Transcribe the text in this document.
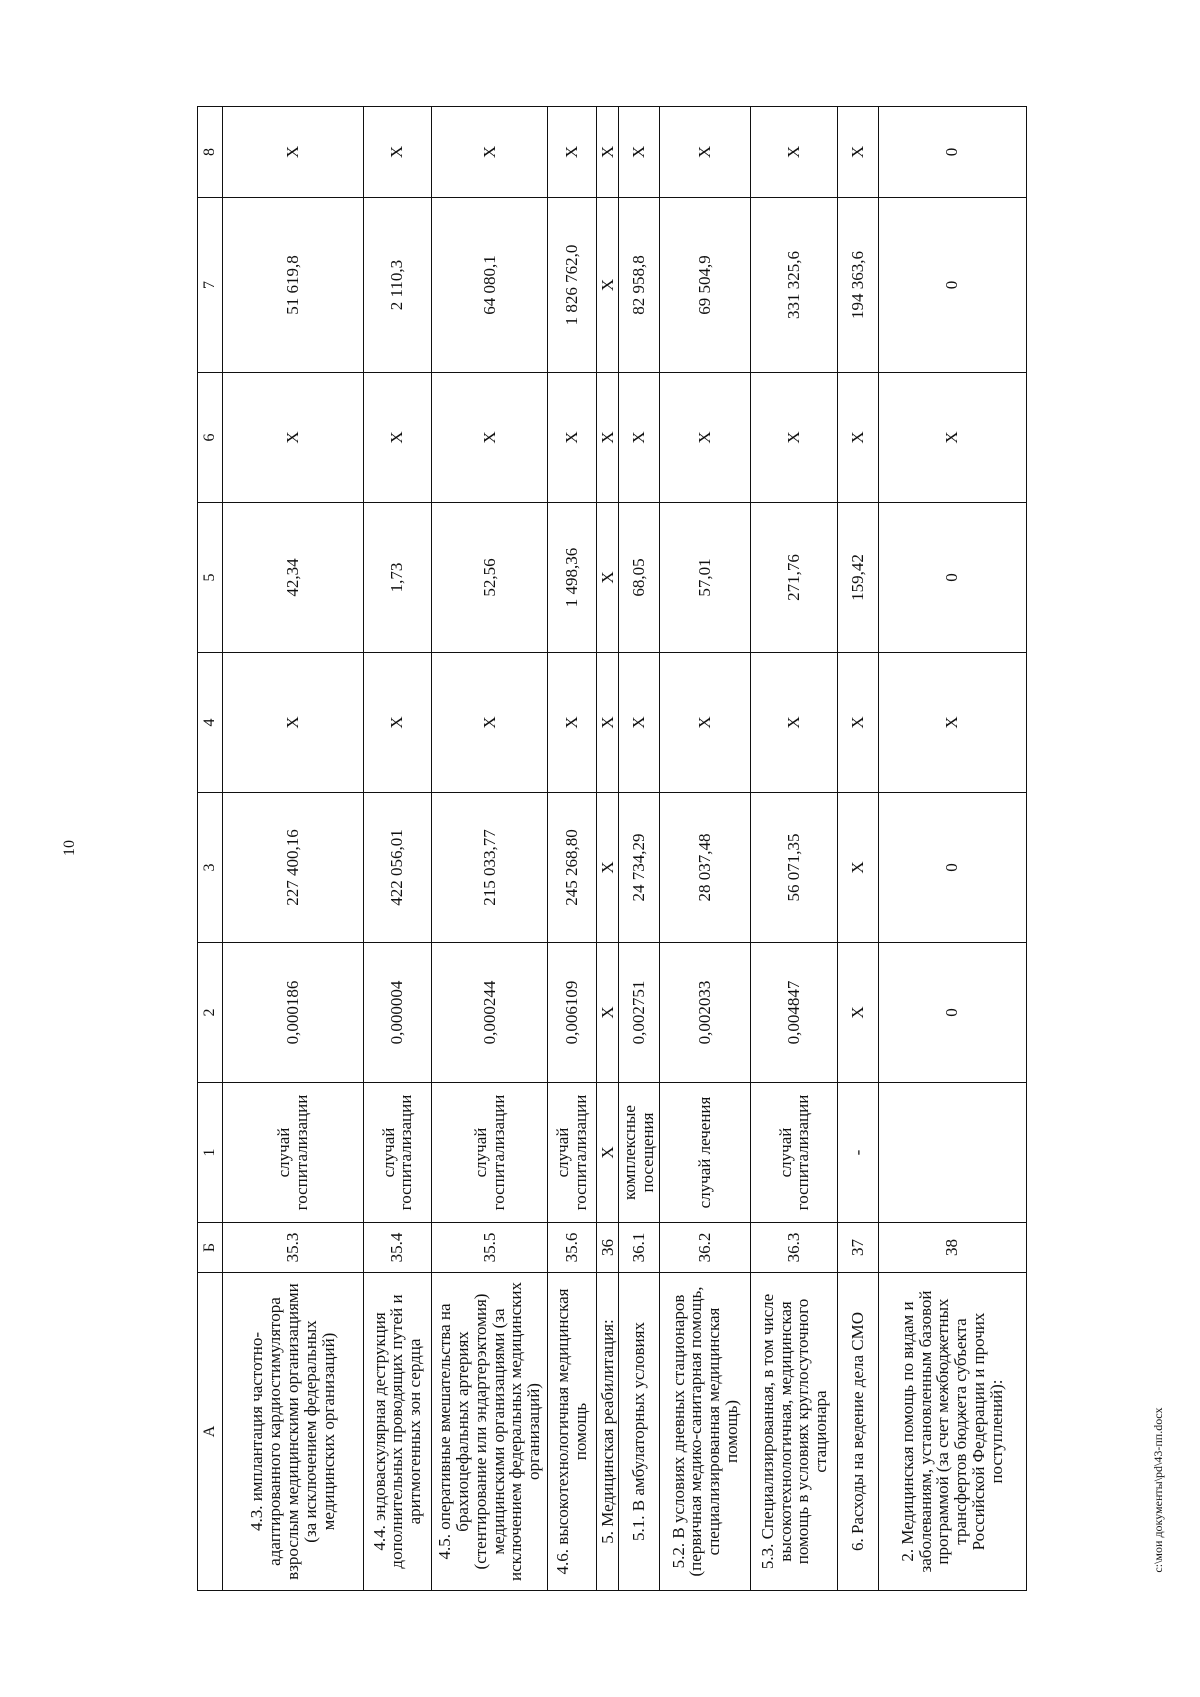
10
А	Б	1	2	3	4	5	6	7	8
4.3. имплантация частотно-адаптированного кардиостимулятора взрослым медицинскими организациями (за исключением федеральных медицинских организаций)	35.3	случай госпитализации	0,000186	227 400,16	Х	42,34	Х	51 619,8	Х
4.4. эндоваскулярная деструкция дополнительных проводящих путей и аритмогенных зон сердца	35.4	случай госпитализации	0,000004	422 056,01	Х	1,73	Х	2 110,3	Х
4.5. оперативные вмешательства на брахиоцефальных артериях (стентирование или эндартерэктомия) медицинскими организациями (за исключением федеральных медицинских организаций)	35.5	случай госпитализации	0,000244	215 033,77	Х	52,56	Х	64 080,1	Х
4.6. высокотехнологичная медицинская помощь	35.6	случай госпитализации	0,006109	245 268,80	Х	1 498,36	Х	1 826 762,0	Х
5. Медицинская реабилитация:	36	Х	Х	Х	Х	Х	Х	Х	Х
5.1. В амбулаторных условиях	36.1	комплексные посещения	0,002751	24 734,29	Х	68,05	Х	82 958,8	Х
5.2. В условиях дневных стационаров (первичная медико-санитарная помощь, специализированная медицинская помощь)	36.2	случай лечения	0,002033	28 037,48	Х	57,01	Х	69 504,9	Х
5.3. Специализированная, в том числе высокотехнологичная, медицинская помощь в условиях круглосуточного стационара	36.3	случай госпитализации	0,004847	56 071,35	Х	271,76	Х	331 325,6	Х
6. Расходы на ведение дела СМО	37	-	Х	Х	Х	159,42	Х	194 363,6	Х
2. Медицинская помощь по видам и заболеваниям, установленным базовой программой (за счет межбюджетных трансфертов бюджета субъекта Российской Федерации и прочих поступлений):	38		0	0	Х	0	Х	0	0
c:\мои документы\pd\43-пп.docx
